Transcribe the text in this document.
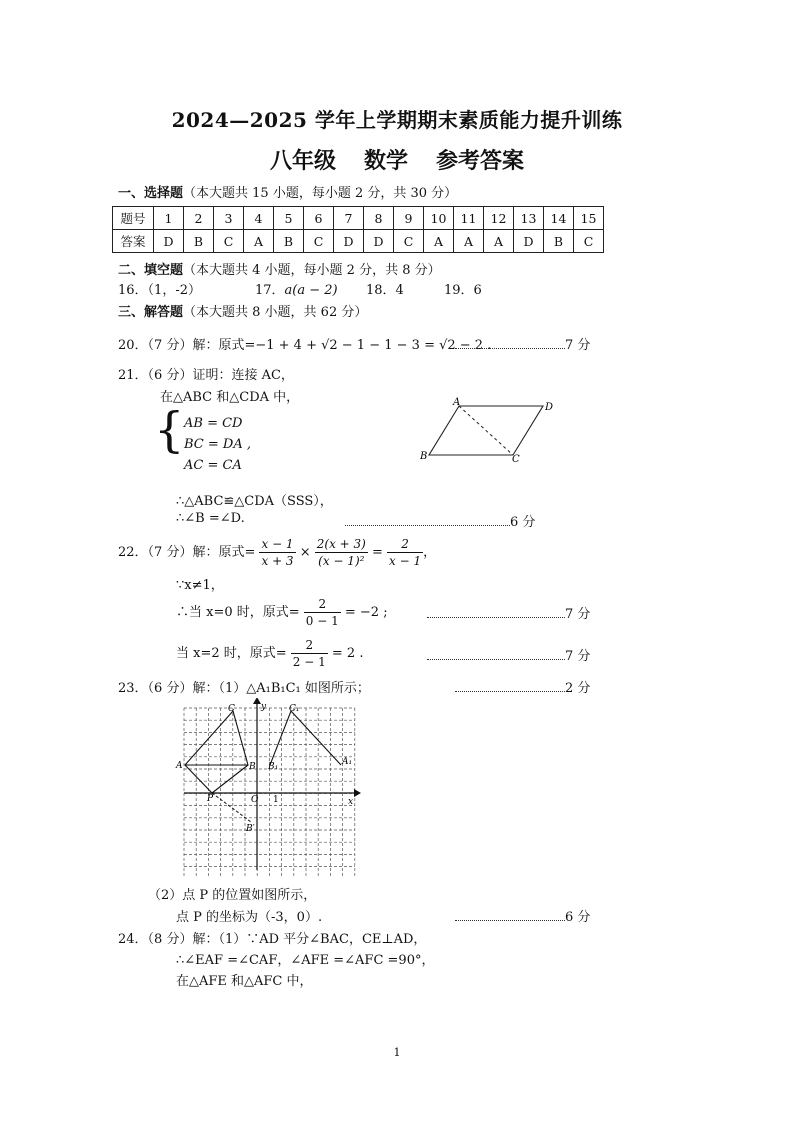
2024—2025 学年上学期期末素质能力提升训练
八年级 数学 参考答案
一、选择题（本大题共 15 小题，每小题 2 分，共 30 分）
题号	1	2	3	4	5	6	7	8	9	10	11	12	13	14	15
答案	D	B	C	A	B	C	D	D	C	A	A	A	D	B	C
二、填空题（本大题共 4 小题，每小题 2 分，共 8 分）
16．（1，-2）	17．a(a − 2) 18．4	19．6
三、解答题（本大题共 8 小题，共 62 分）
20．（7 分）解：原式=−1 + 4 + √2 − 1 − 1 − 3 = √2 − 2 .	7 分
21．（6 分）证明：连接 AC，
在△ABC 和△CDA 中，
{ AB = CD
BC = DA ,
AC = CA
∴△ABC≌△CDA（SSS），
∴∠B =∠D.	6 分
A	D
B	C
22．（7 分）解：原式= $\frac{x - 1}{x + 3} \times \frac{2(x + 3)}{\text{(x − 1)²}} = \frac{2}{x - 1}$ ，
∵x≠1，
∴当 x=0 时，原式= $\frac{2}{0 - 1} = -2$ ;	7 分
当 x=2 时，原式= $\frac{2}{2 - 1} = 2$ .	7 分
23．（6 分）解：（1）△A₁B₁C₁ 如图所示；	2 分
C	C₁
A	B B₁	A₁
P	O 1	x
y
B′
（2）点 P 的位置如图所示，
点 P 的坐标为（-3，0）.	6 分
24．（8 分）解：（1）∵AD 平分∠BAC，CE⊥AD，
∴∠EAF =∠CAF，∠AFE =∠AFC =90°，
在△AFE 和△AFC 中，
1
